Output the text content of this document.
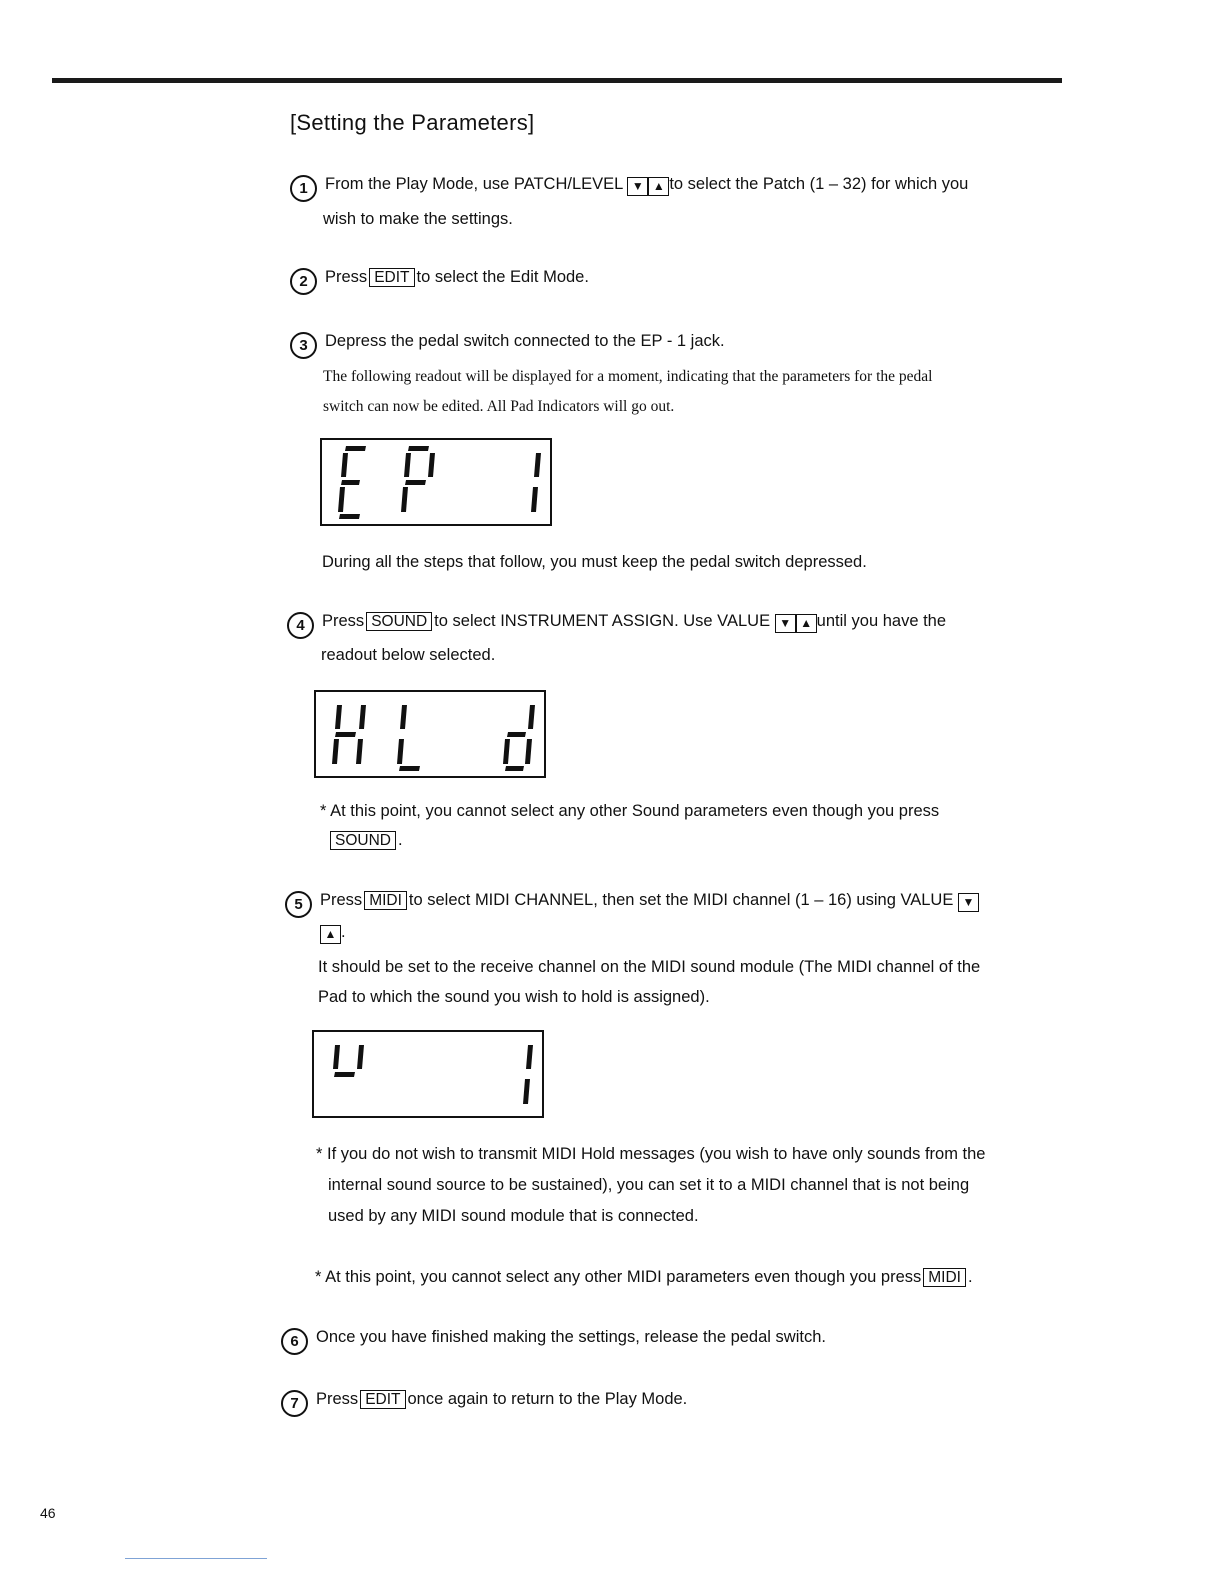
[Setting the Parameters]
1 From the Play Mode, use PATCH/LEVEL ▼ ▲ to select the Patch (1 – 32) for which you
wish to make the settings.
2 Press EDIT to select the Edit Mode.
3 Depress the pedal switch connected to the EP - 1 jack.
The following readout will be displayed for a moment, indicating that the parameters for the pedal
switch can now be edited. All Pad Indicators will go out.
During all the steps that follow, you must keep the pedal switch depressed.
4 Press SOUND to select INSTRUMENT ASSIGN. Use VALUE ▼ ▲ until you have the
readout below selected.
* At this point, you cannot select any other Sound parameters even though you press
SOUND .
5 Press MIDI to select MIDI CHANNEL, then set the MIDI channel (1 – 16) using VALUE ▼
▲ .
It should be set to the receive channel on the MIDI sound module (The MIDI channel of the
Pad to which the sound you wish to hold is assigned).
* If you do not wish to transmit MIDI Hold messages (you wish to have only sounds from the
internal sound source to be sustained), you can set it to a MIDI channel that is not being
used by any MIDI sound module that is connected.
* At this point, you cannot select any other MIDI parameters even though you press MIDI .
6 Once you have finished making the settings, release the pedal switch.
7 Press EDIT once again to return to the Play Mode.
46
